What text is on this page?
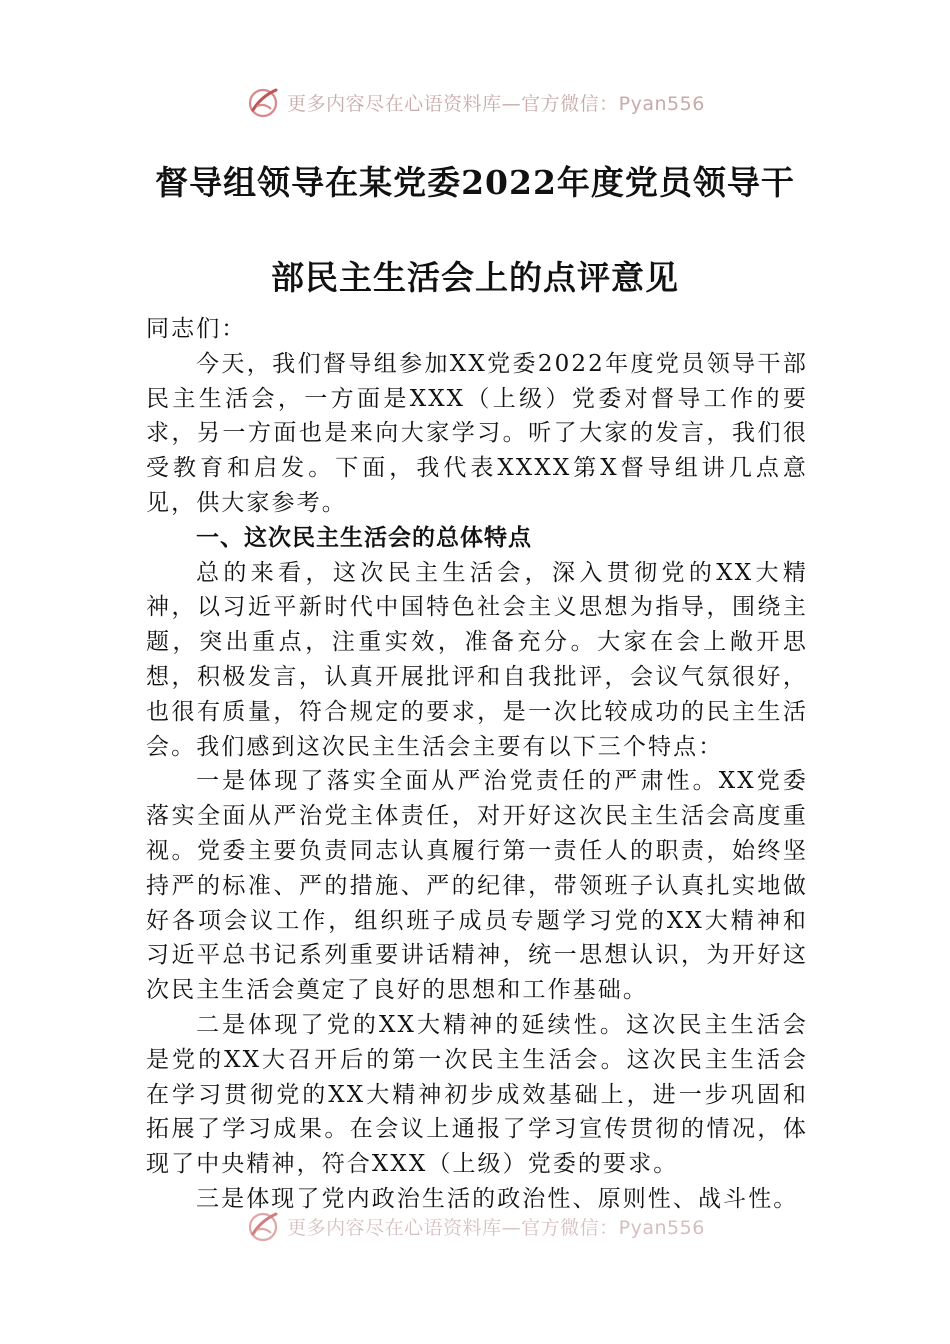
更多内容尽在心语资料库—官方微信：Pyan556
督导组领导在某党委2022年度党员领导干
部民主生活会上的点评意见

同志们：

今天，我们督导组参加XX党委2022年度党员领导干部民主生活会，一方面是XXX（上级）党委对督导工作的要求，另一方面也是来向大家学习。听了大家的发言，我们很受教育和启发。下面，我代表XXXX第X督导组讲几点意见，供大家参考。

一、这次民主生活会的总体特点

总的来看，这次民主生活会，深入贯彻党的XX大精神，以习近平新时代中国特色社会主义思想为指导，围绕主题，突出重点，注重实效，准备充分。大家在会上敞开思想，积极发言，认真开展批评和自我批评，会议气氛很好，也很有质量，符合规定的要求，是一次比较成功的民主生活会。我们感到这次民主生活会主要有以下三个特点：

一是体现了落实全面从严治党责任的严肃性。XX党委落实全面从严治党主体责任，对开好这次民主生活会高度重视。党委主要负责同志认真履行第一责任人的职责，始终坚持严的标准、严的措施、严的纪律，带领班子认真扎实地做好各项会议工作，组织班子成员专题学习党的XX大精神和习近平总书记系列重要讲话精神，统一思想认识，为开好这次民主生活会奠定了良好的思想和工作基础。

二是体现了党的XX大精神的延续性。这次民主生活会是党的XX大召开后的第一次民主生活会。这次民主生活会在学习贯彻党的XX大精神初步成效基础上，进一步巩固和拓展了学习成果。在会议上通报了学习宣传贯彻的情况，体现了中央精神，符合XXX（上级）党委的要求。

三是体现了党内政治生活的政治性、原则性、战斗性。

更多内容尽在心语资料库—官方微信：Pyan556
